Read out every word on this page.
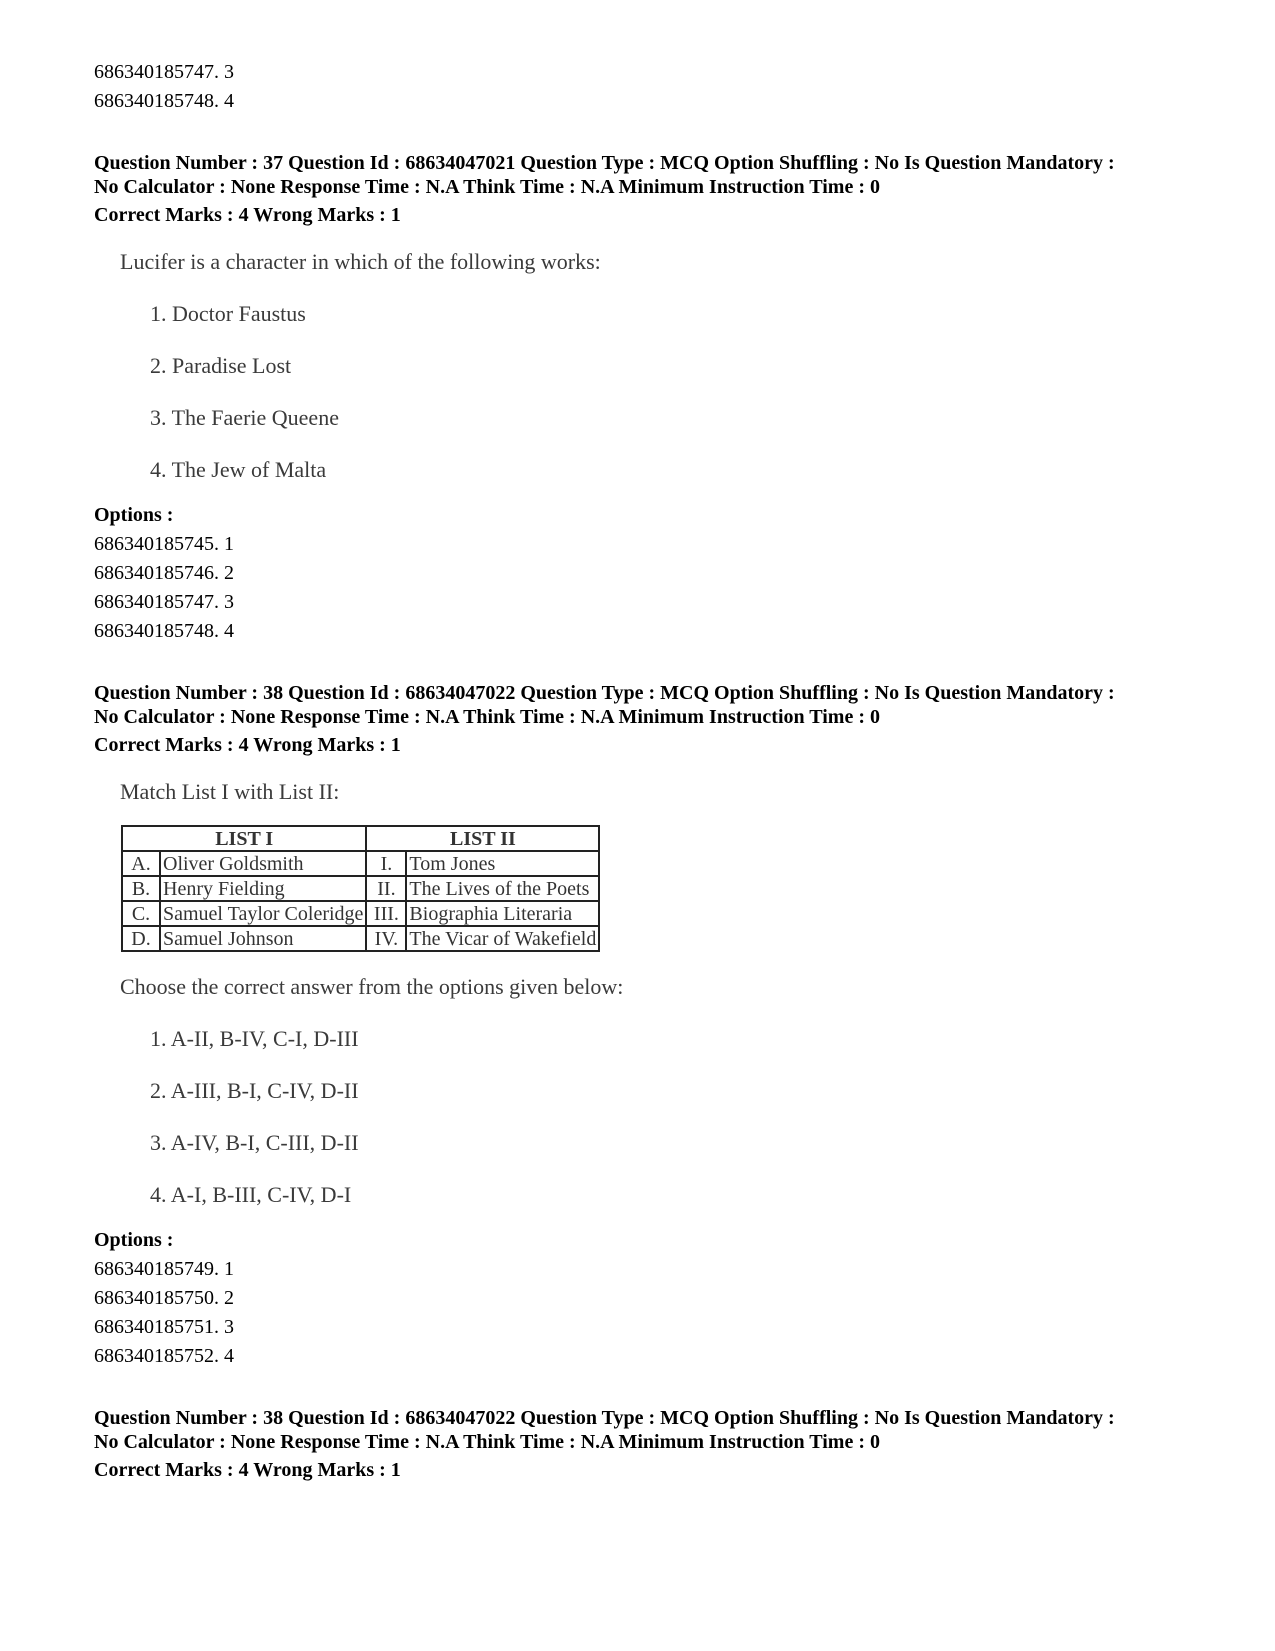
686340185747. 3
686340185748. 4
Question Number : 37 Question Id : 68634047021 Question Type : MCQ Option Shuffling : No Is Question Mandatory :
No Calculator : None Response Time : N.A Think Time : N.A Minimum Instruction Time : 0
Correct Marks : 4 Wrong Marks : 1
Lucifer is a character in which of the following works:
1. Doctor Faustus
2. Paradise Lost
3. The Faerie Queene
4. The Jew of Malta
Options :
686340185745. 1
686340185746. 2
686340185747. 3
686340185748. 4
Question Number : 38 Question Id : 68634047022 Question Type : MCQ Option Shuffling : No Is Question Mandatory :
No Calculator : None Response Time : N.A Think Time : N.A Minimum Instruction Time : 0
Correct Marks : 4 Wrong Marks : 1
Match List I with List II:
LIST I		LIST II	
A.	Oliver Goldsmith	I.	Tom Jones
B.	Henry Fielding	II.	The Lives of the Poets
C.	Samuel Taylor Coleridge	III.	Biographia Literaria
D.	Samuel Johnson	IV.	The Vicar of Wakefield
Choose the correct answer from the options given below:
1. A-II, B-IV, C-I, D-III
2. A-III, B-I, C-IV, D-II
3. A-IV, B-I, C-III, D-II
4. A-I, B-III, C-IV, D-I
Options :
686340185749. 1
686340185750. 2
686340185751. 3
686340185752. 4
Question Number : 38 Question Id : 68634047022 Question Type : MCQ Option Shuffling : No Is Question Mandatory :
No Calculator : None Response Time : N.A Think Time : N.A Minimum Instruction Time : 0
Correct Marks : 4 Wrong Marks : 1
